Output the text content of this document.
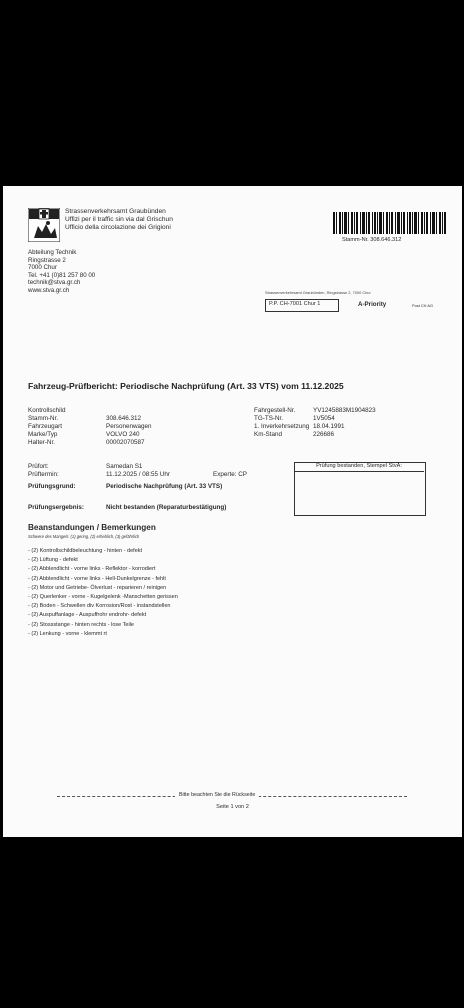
Strassenverkehrsamt Graubünden
Uffizi per il traffic sin via dal Grischun
Ufficio della circolazione dei Grigioni
Stamm-Nr. 308.646.312
Abteilung Technik
Ringstrasse 2
7000 Chur
Tel. +41 (0)81 257 80 00
technik@stva.gr.ch
www.stva.gr.ch	Strassenverkehrsamt Graubünden, Ringstrasse 2, 7000 Chur
P.P. CH-7001 Chur 1	A-Priority	Post CH AG
Fahrzeug-Prüfbericht: Periodische Nachprüfung (Art. 33 VTS) vom 11.12.2025
Kontrollschild
Stamm-Nr.	308.646.312
Fahrzeugart	Personenwagen
Marke/Typ	VOLVO 240
Halter-Nr.	00002070587
Fahrgestell-Nr.	YV1245883M1904823
TG-TS-Nr.	1V5054
1. Inverkehrsetzung 18.04.1991
Km-Stand	226686
Prüfort:	Samedan S1
Prüftermin:	11.12.2025 / 08:55 Uhr	Experte: CP
Prüfungsgrund:	Periodische Nachprüfung (Art. 33 VTS)
Prüfungsergebnis:	Nicht bestanden (Reparaturbestätigung)
Prüfung bestanden, Stempel StvA:
Beanstandungen / Bemerkungen
Schwere des Mangels: (1) gering, (2) erheblich, (3) gefährlich
- (2) Kontrollschildbeleuchtung - hinten - defekt
- (2) Lüftung - defekt
- (2) Abblendlicht - vorne links - Reflektor - korrodiert
- (2) Abblendlicht - vorne links - Hell-Dunkelgrenze - fehlt
- (2) Motor und Getriebe- Ölverlust - reparieren / reinigen
- (2) Querlenker - vorne - Kugelgelenk -Manschetten gerissen
- (2) Boden - Schwellen div Korrosion/Rost - instandstellen
- (2) Auspuffanlage - Auspuffrohr endrohr- defekt
- (2) Stossstange - hinten rechts - lose Teile
- (2) Lenkung - vorne - klemmt rt
Bitte beachten Sie die Rückseite
Seite 1 von 2
